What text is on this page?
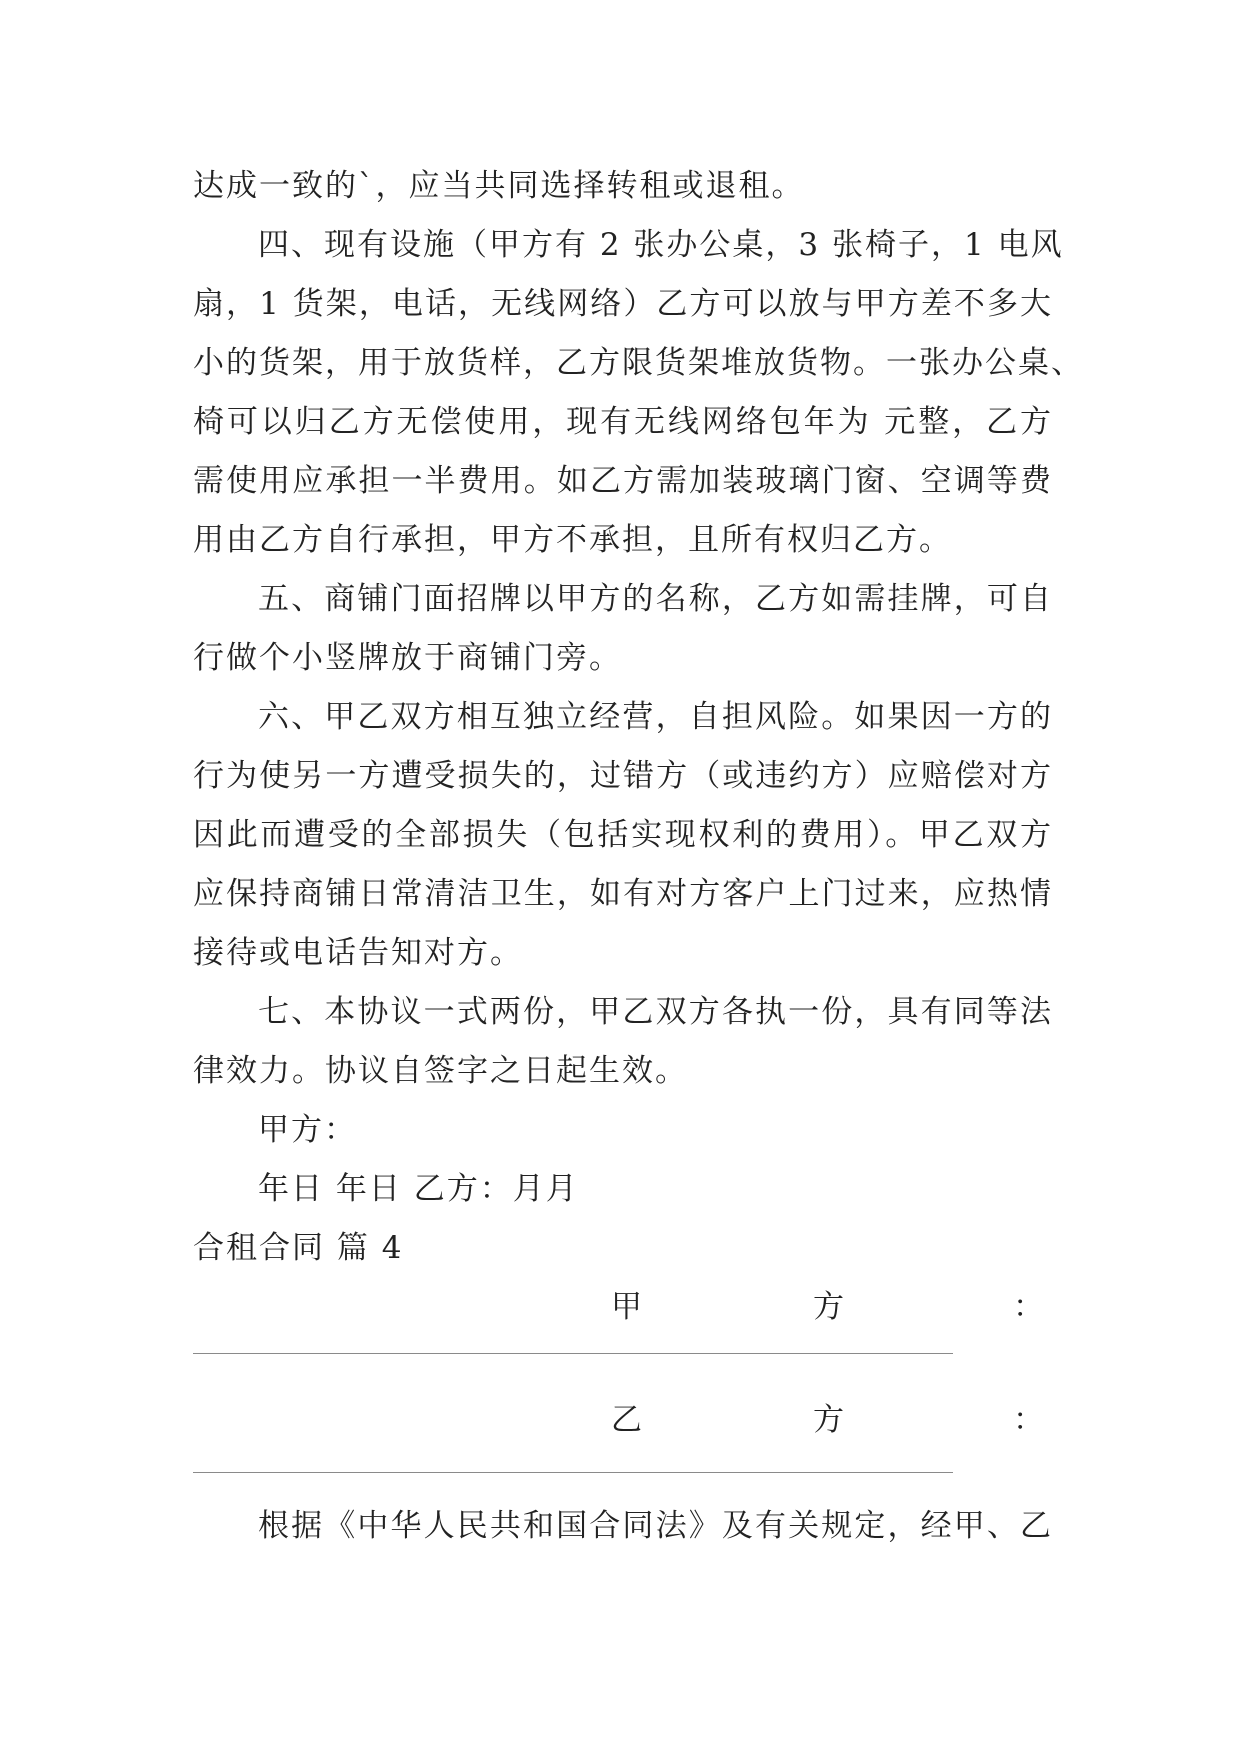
达成一致的`，应当共同选择转租或退租。
四、现有设施（甲方有 2 张办公桌，3 张椅子，1 电风
扇，1 货架，电话，无线网络）乙方可以放与甲方差不多大
小的货架，用于放货样，乙方限货架堆放货物。一张办公桌、
椅可以归乙方无偿使用，现有无线网络包年为 元整，乙方
需使用应承担一半费用。如乙方需加装玻璃门窗、空调等费
用由乙方自行承担，甲方不承担，且所有权归乙方。
五、商铺门面招牌以甲方的名称，乙方如需挂牌，可自
行做个小竖牌放于商铺门旁。
六、甲乙双方相互独立经营，自担风险。如果因一方的
行为使另一方遭受损失的，过错方（或违约方）应赔偿对方
因此而遭受的全部损失（包括实现权利的费用）。甲乙双方
应保持商铺日常清洁卫生，如有对方客户上门过来，应热情
接待或电话告知对方。
七、本协议一式两份，甲乙双方各执一份，具有同等法
律效力。协议自签字之日起生效。
甲方：
年日 年日 乙方：月月
合租合同 篇 4
甲	方	：
乙	方	：
根据《中华人民共和国合同法》及有关规定，经甲、乙
